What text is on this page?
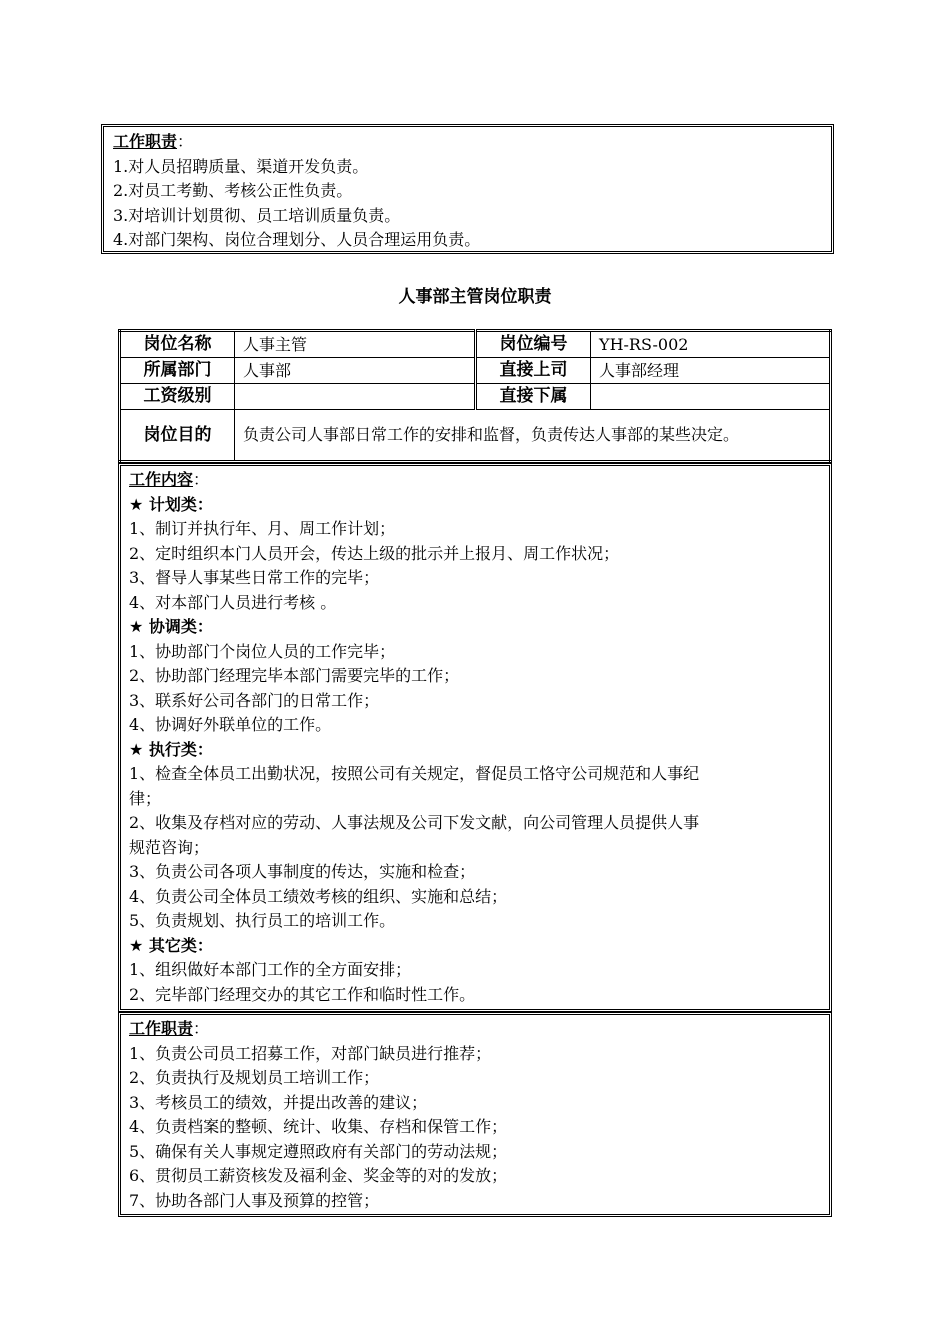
工作职责：
1.对人员招聘质量、渠道开发负责。
2.对员工考勤、考核公正性负责。
3.对培训计划贯彻、员工培训质量负责。
4.对部门架构、岗位合理划分、人员合理运用负责。
人事部主管岗位职责
岗位名称	人事主管	岗位编号	YH-RS-002
所属部门	人事部	直接上司	人事部经理
工资级别		直接下属	
岗位目的	负责公司人事部日常工作的安排和监督，负责传达人事部的某些决定。		
工作内容：
★ 计划类：
1、制订并执行年、月、周工作计划；
2、定时组织本门人员开会，传达上级的批示并上报月、周工作状况；
3、督导人事某些日常工作的完毕；
4、对本部门人员进行考核 。
★ 协调类：
1、协助部门个岗位人员的工作完毕；
2、协助部门经理完毕本部门需要完毕的工作；
3、联系好公司各部门的日常工作；
4、协调好外联单位的工作。
★ 执行类：
1、检查全体员工出勤状况，按照公司有关规定，督促员工恪守公司规范和人事纪
律；
2、收集及存档对应的劳动、人事法规及公司下发文献，向公司管理人员提供人事
规范咨询；
3、负责公司各项人事制度的传达，实施和检查；
4、负责公司全体员工绩效考核的组织、实施和总结；
5、负责规划、执行员工的培训工作。
★ 其它类：
1、组织做好本部门工作的全方面安排；
2、完毕部门经理交办的其它工作和临时性工作。
工作职责：
1、负责公司员工招募工作，对部门缺员进行推荐；
2、负责执行及规划员工培训工作；
3、考核员工的绩效，并提出改善的建议；
4、负责档案的整顿、统计、收集、存档和保管工作；
5、确保有关人事规定遵照政府有关部门的劳动法规；
6、贯彻员工薪资核发及福利金、奖金等的对的发放；
7、协助各部门人事及预算的控管；
